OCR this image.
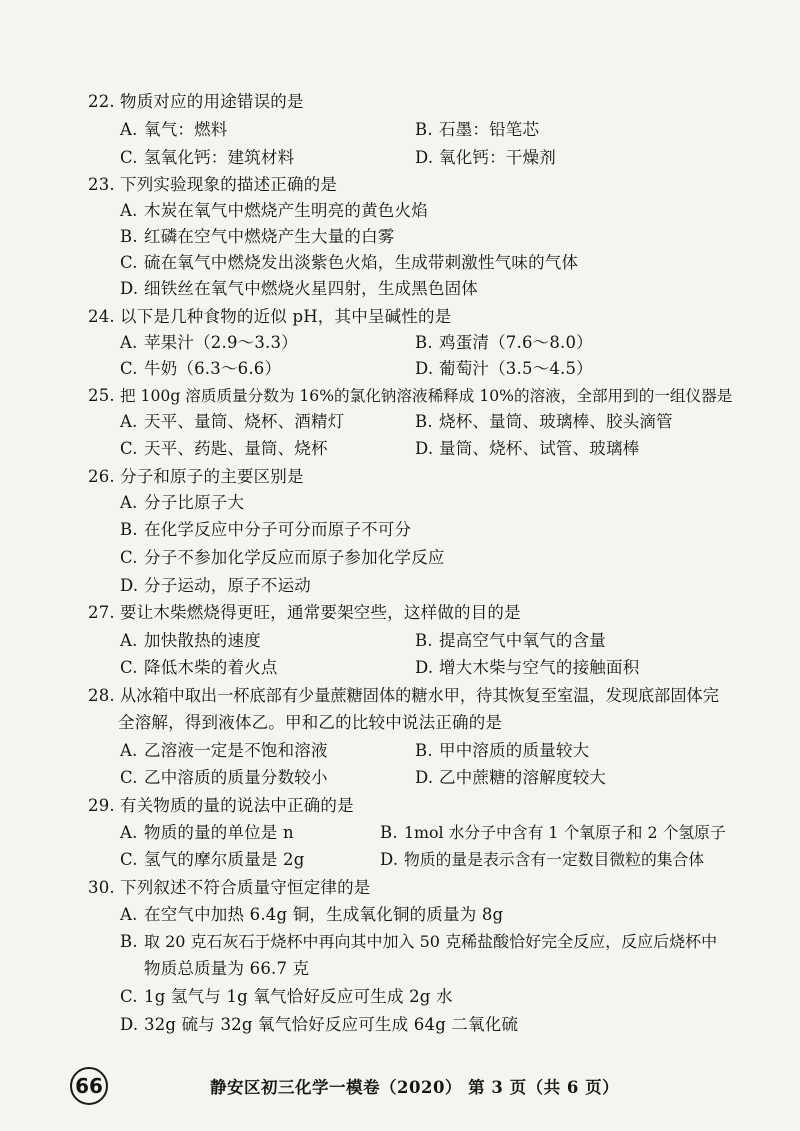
22. 物质对应的用途错误的是
A. 氧气：燃料	B. 石墨：铅笔芯
C. 氢氧化钙：建筑材料	D. 氧化钙：干燥剂
23. 下列实验现象的描述正确的是
A. 木炭在氧气中燃烧产生明亮的黄色火焰
B. 红磷在空气中燃烧产生大量的白雾
C. 硫在氧气中燃烧发出淡紫色火焰，生成带刺激性气味的气体
D. 细铁丝在氧气中燃烧火星四射，生成黑色固体
24. 以下是几种食物的近似 pH，其中呈碱性的是
A. 苹果汁（2.9～3.3）	B. 鸡蛋清（7.6～8.0）
C. 牛奶（6.3～6.6）	D. 葡萄汁（3.5～4.5）
25. 把 100g 溶质质量分数为 16%的氯化钠溶液稀释成 10%的溶液，全部用到的一组仪器是
A. 天平、量筒、烧杯、酒精灯	B. 烧杯、量筒、玻璃棒、胶头滴管
C. 天平、药匙、量筒、烧杯	D. 量筒、烧杯、试管、玻璃棒
26. 分子和原子的主要区别是
A. 分子比原子大
B. 在化学反应中分子可分而原子不可分
C. 分子不参加化学反应而原子参加化学反应
D. 分子运动，原子不运动
27. 要让木柴燃烧得更旺，通常要架空些，这样做的目的是
A. 加快散热的速度	B. 提高空气中氧气的含量
C. 降低木柴的着火点	D. 增大木柴与空气的接触面积
28. 从冰箱中取出一杯底部有少量蔗糖固体的糖水甲，待其恢复至室温，发现底部固体完
全溶解，得到液体乙。甲和乙的比较中说法正确的是
A. 乙溶液一定是不饱和溶液	B. 甲中溶质的质量较大
C. 乙中溶质的质量分数较小	D. 乙中蔗糖的溶解度较大
29. 有关物质的量的说法中正确的是
A. 物质的量的单位是 n	B. 1mol 水分子中含有 1 个氧原子和 2 个氢原子
C. 氢气的摩尔质量是 2g	D. 物质的量是表示含有一定数目微粒的集合体
30. 下列叙述不符合质量守恒定律的是
A. 在空气中加热 6.4g 铜，生成氧化铜的质量为 8g
B. 取 20 克石灰石于烧杯中再向其中加入 50 克稀盐酸恰好完全反应，反应后烧杯中
物质总质量为 66.7 克
C. 1g 氢气与 1g 氧气恰好反应可生成 2g 水
D. 32g 硫与 32g 氧气恰好反应可生成 64g 二氧化硫
66	静安区初三化学一模卷（2020） 第 3 页（共 6 页）
